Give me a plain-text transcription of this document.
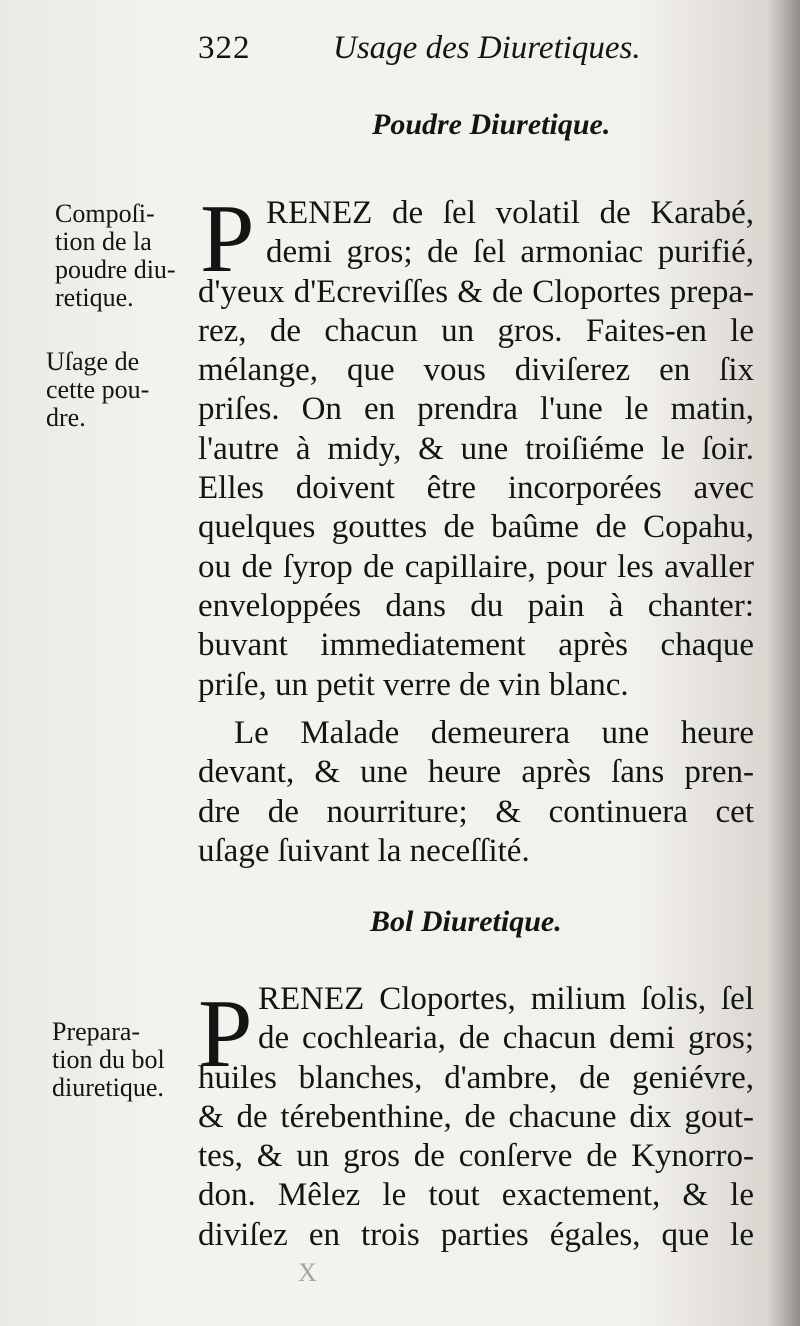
322	Usage des Diuretiques.
Poudre Diuretique.
Compoſi-
tion de la
poudre diu-
retique.
Uſage de
cette pou-
dre.
P RENEZ de ſel volatil de Karabé,
demi gros; de ſel armoniac purifié,
d'yeux d'Ecreviſſes & de Cloportes prepa-
rez, de chacun un gros. Faites-en le
mélange, que vous diviſerez en ſix
priſes. On en prendra l'une le matin,
l'autre à midy, & une troiſiéme le ſoir.
Elles doivent être incorporées avec
quelques gouttes de baûme de Copahu,
ou de ſyrop de capillaire, pour les avaller
enveloppées dans du pain à chanter:
buvant immediatement après chaque
priſe, un petit verre de vin blanc.
Le Malade demeurera une heure
devant, & une heure après ſans pren-
dre de nourriture; & continuera cet
uſage ſuivant la neceſſité.
Bol Diuretique.
Prepara-
tion du bol
diuretique. P RENEZ Cloportes, milium ſolis, ſel
de cochlearia, de chacun demi gros;
huiles blanches, d'ambre, de geniévre,
& de térebenthine, de chacune dix gout-
tes, & un gros de conſerve de Kynorro-
don. Mêlez le tout exactement, & le
diviſez en trois parties égales, que le
X
